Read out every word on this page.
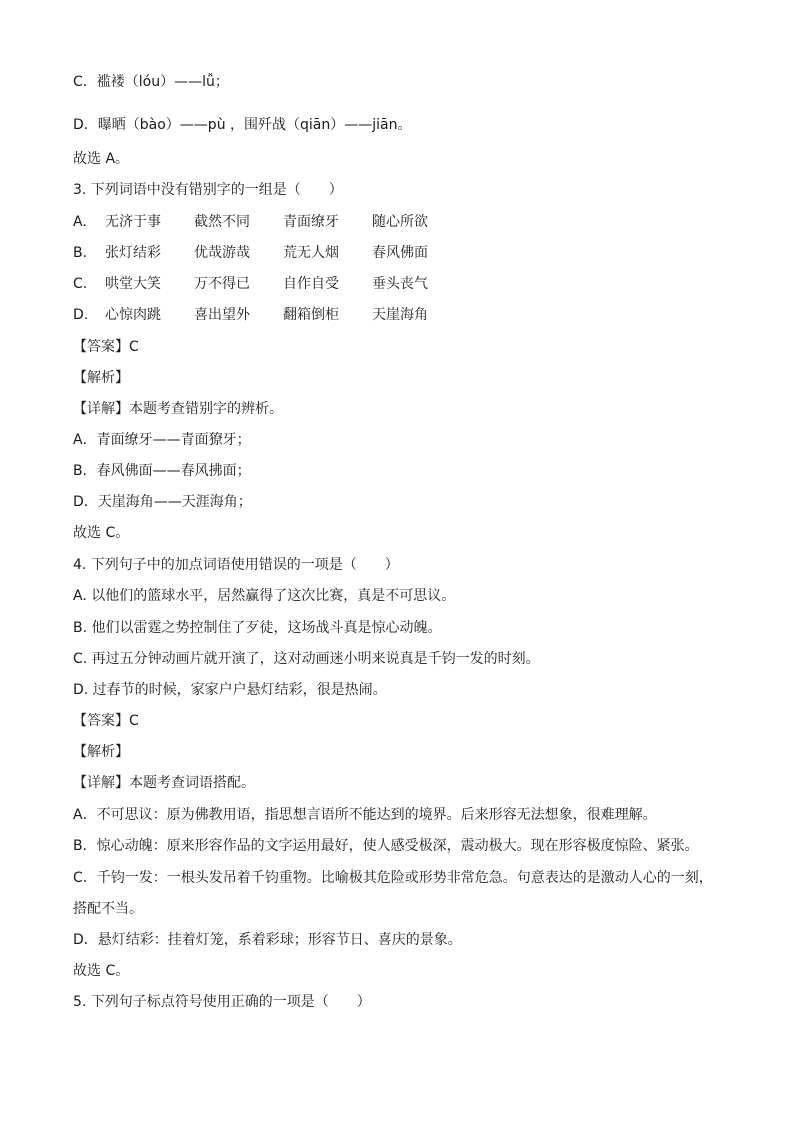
C．褴褛（lóu）——lǚ；
D．曝晒（bào）——pù ，围歼战（qiān）——jiān。
故选 A。
3. 下列词语中没有错别字的一组是（　　）
A.	无济于事	截然不同	青面缭牙	随心所欲
B.	张灯结彩	优哉游哉	荒无人烟	春风佛面
C.	哄堂大笑	万不得已	自作自受	垂头丧气
D.	心惊肉跳	喜出望外	翻箱倒柜	天崖海角
【答案】C
【解析】
【详解】本题考查错别字的辨析。
A．青面缭牙——青面獠牙；
B．春风佛面——春风拂面；
D．天崖海角——天涯海角；
故选 C。
4. 下列句子中的加点词语使用错误的一项是（　　）
A. 以他们的篮球水平，居然赢得了这次比赛，真是不可思议。
B. 他们以雷霆之势控制住了歹徒，这场战斗真是惊心动魄。
C. 再过五分钟动画片就开演了，这对动画迷小明来说真是千钧一发的时刻。
D. 过春节的时候，家家户户悬灯结彩，很是热闹。
【答案】C
【解析】
【详解】本题考查词语搭配。
A．不可思议：原为佛教用语，指思想言语所不能达到的境界。后来形容无法想象，很难理解。
B．惊心动魄：原来形容作品的文字运用最好，使人感受极深，震动极大。现在形容极度惊险、紧张。
C．千钧一发：一根头发吊着千钧重物。比喻极其危险或形势非常危急。句意表达的是激动人心的一刻，
搭配不当。
D．悬灯结彩：挂着灯笼，系着彩球；形容节日、喜庆的景象。
故选 C。
5. 下列句子标点符号使用正确的一项是（　　）
